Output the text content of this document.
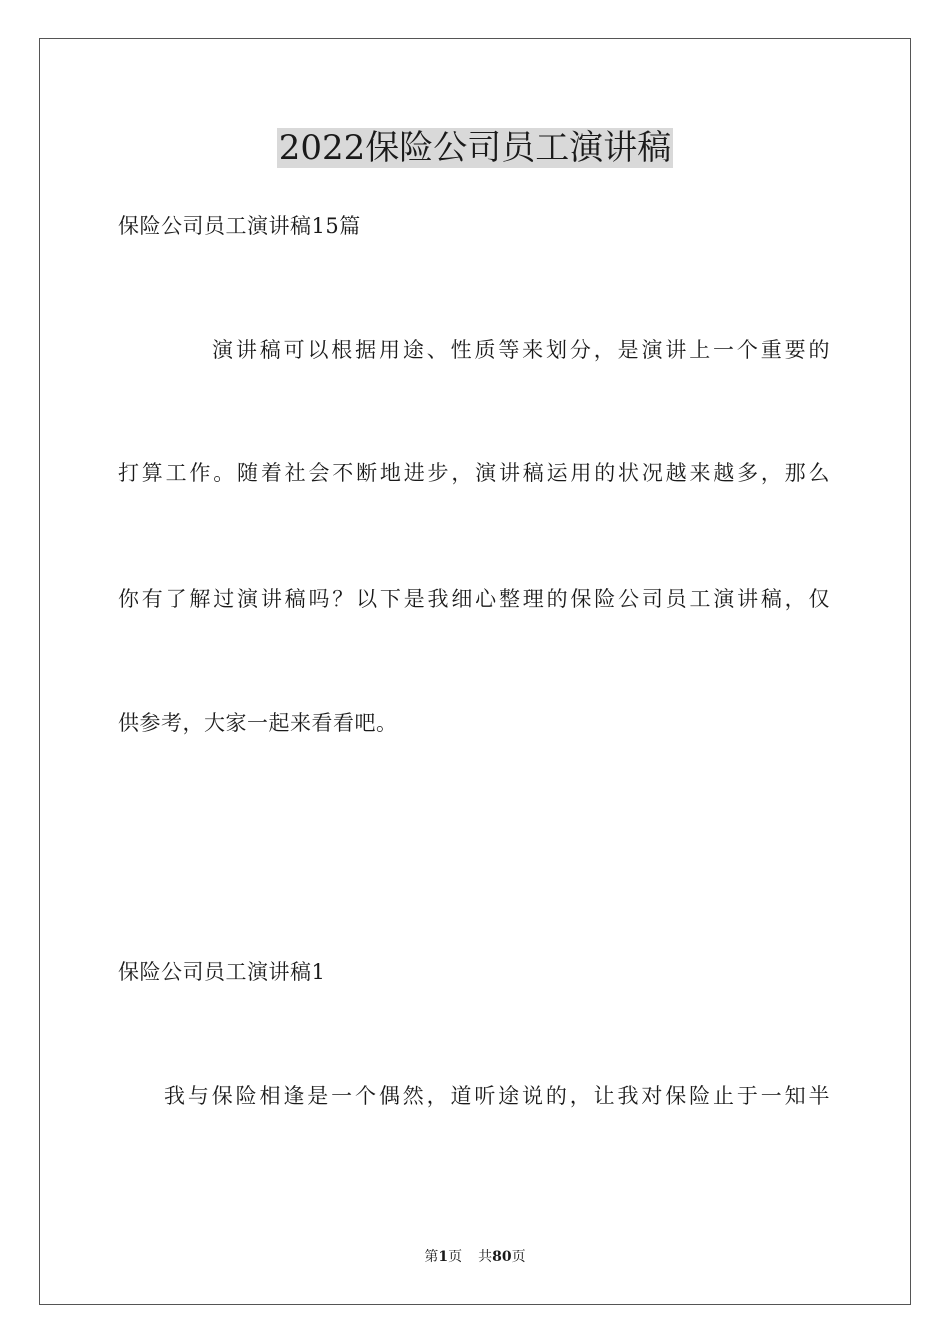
2022保险公司员工演讲稿
保险公司员工演讲稿15篇
演讲稿可以根据用途、性质等来划分，是演讲上一个重要的
打算工作。随着社会不断地进步，演讲稿运用的状况越来越多，那么
你有了解过演讲稿吗？以下是我细心整理的保险公司员工演讲稿，仅
供参考，大家一起来看看吧。
保险公司员工演讲稿1
我与保险相逢是一个偶然，道听途说的，让我对保险止于一知半
第1页 共80页
